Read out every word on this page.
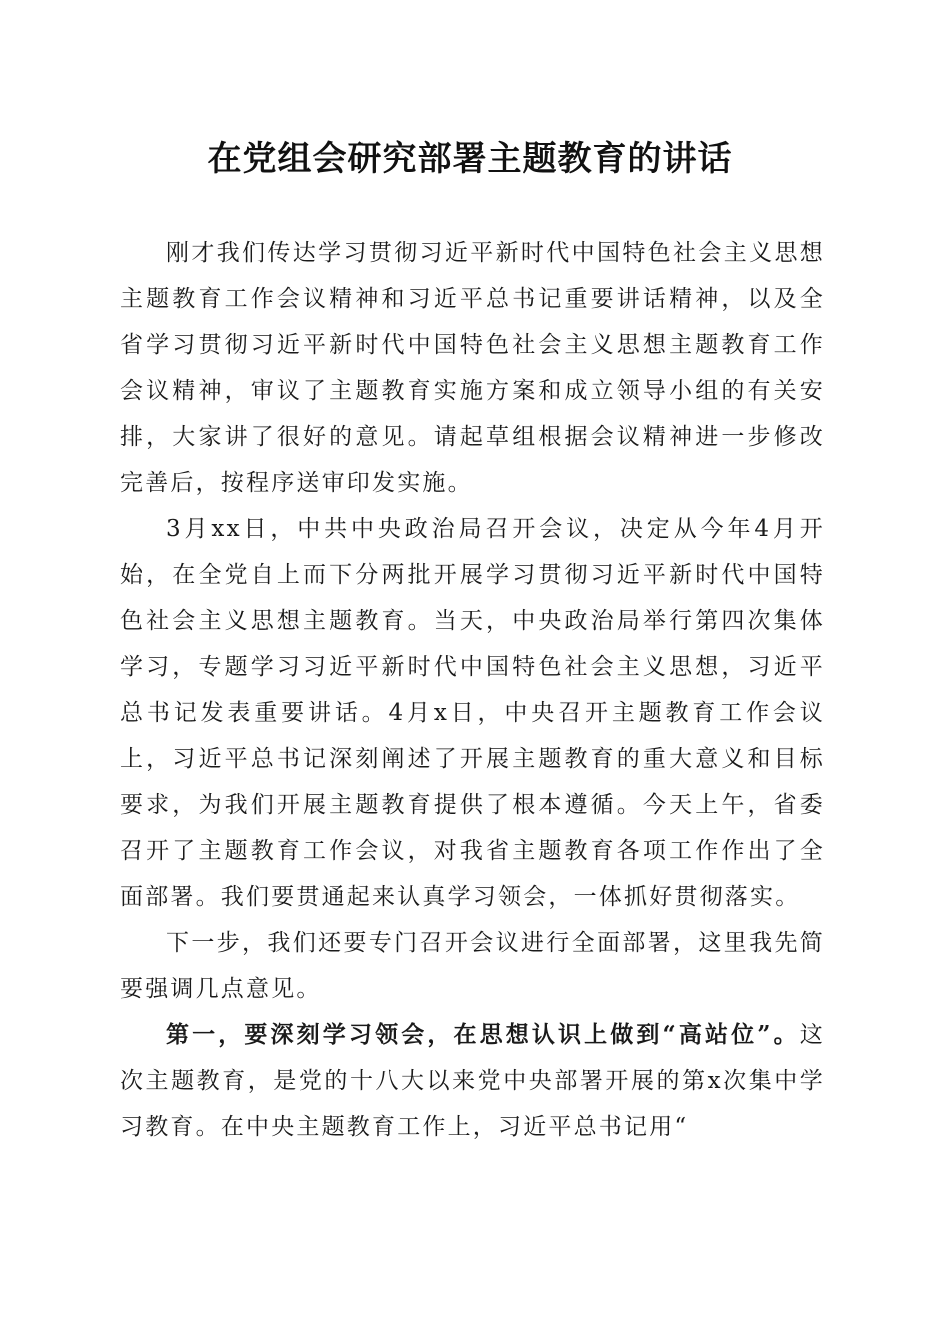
在党组会研究部署主题教育的讲话

刚才我们传达学习贯彻习近平新时代中国特色社会主义思想主题教育工作会议精神和习近平总书记重要讲话精神，以及全省学习贯彻习近平新时代中国特色社会主义思想主题教育工作会议精神，审议了主题教育实施方案和成立领导小组的有关安排，大家讲了很好的意见。请起草组根据会议精神进一步修改完善后，按程序送审印发实施。

3月xx日，中共中央政治局召开会议，决定从今年4月开始，在全党自上而下分两批开展学习贯彻习近平新时代中国特色社会主义思想主题教育。当天，中央政治局举行第四次集体学习，专题学习习近平新时代中国特色社会主义思想，习近平总书记发表重要讲话。4月x日，中央召开主题教育工作会议上，习近平总书记深刻阐述了开展主题教育的重大意义和目标要求，为我们开展主题教育提供了根本遵循。今天上午，省委召开了主题教育工作会议，对我省主题教育各项工作作出了全面部署。我们要贯通起来认真学习领会，一体抓好贯彻落实。

下一步，我们还要专门召开会议进行全面部署，这里我先简要强调几点意见。

第一，要深刻学习领会，在思想认识上做到“高站位”。这次主题教育，是党的十八大以来党中央部署开展的第x次集中学习教育。在中央主题教育工作上，习近平总书记用“
